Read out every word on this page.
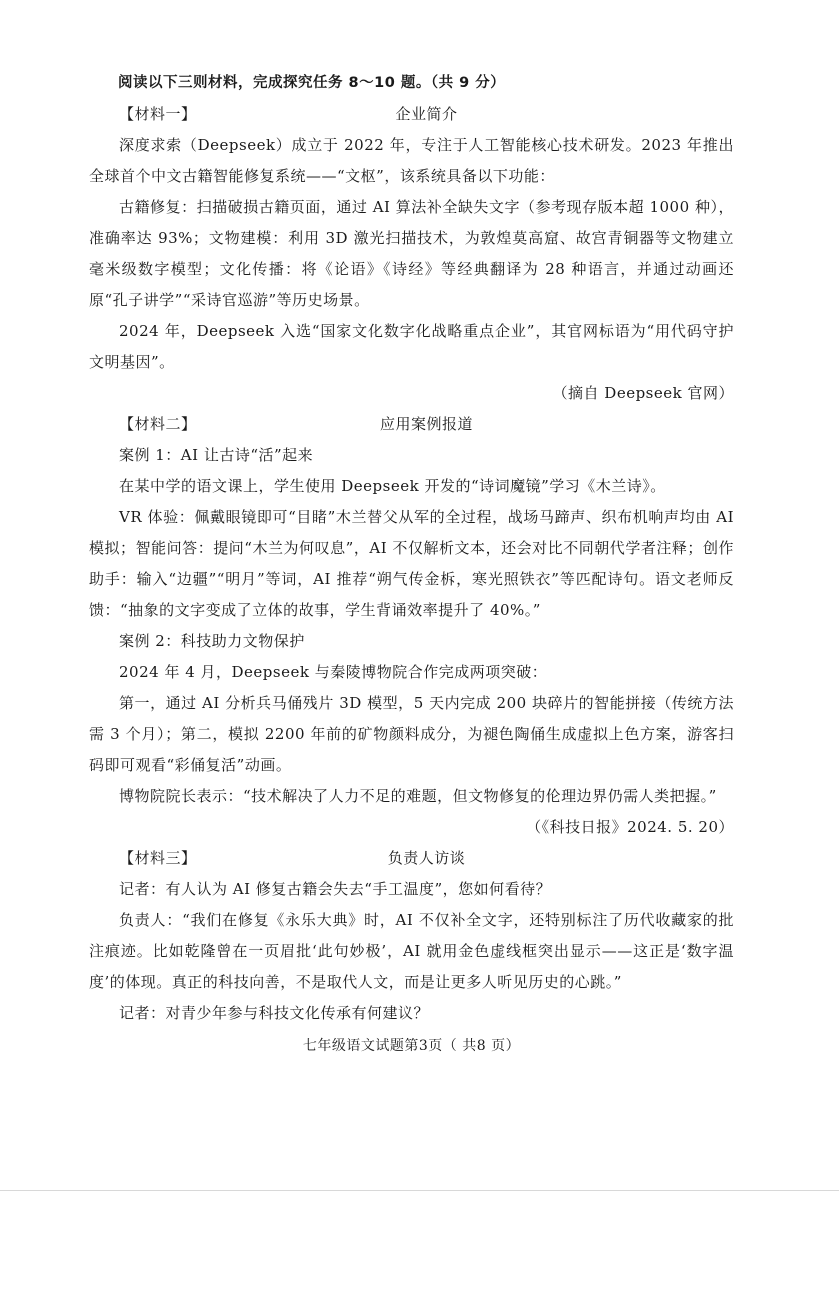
阅读以下三则材料，完成探究任务 8～10 题。（共 9 分）

企业简介
【材料一】

深度求索（Deepseek）成立于 2022 年，专注于人工智能核心技术研发。2023 年推出全球首个中文古籍智能修复系统——“文枢”，该系统具备以下功能：

古籍修复：扫描破损古籍页面，通过 AI 算法补全缺失文字（参考现存版本超 1000 种），准确率达 93%；文物建模：利用 3D 激光扫描技术，为敦煌莫高窟、故宫青铜器等文物建立毫米级数字模型；文化传播：将《论语》《诗经》等经典翻译为 28 种语言，并通过动画还原“孔子讲学”“采诗官巡游”等历史场景。

2024 年，Deepseek 入选“国家文化数字化战略重点企业”，其官网标语为“用代码守护文明基因”。

（摘自 Deepseek 官网）

应用案例报道
【材料二】

案例 1：AI 让古诗“活”起来

在某中学的语文课上，学生使用 Deepseek 开发的“诗词魔镜”学习《木兰诗》。

VR 体验：佩戴眼镜即可“目睹”木兰替父从军的全过程，战场马蹄声、织布机响声均由 AI 模拟；智能问答：提问“木兰为何叹息”，AI 不仅解析文本，还会对比不同朝代学者注释；创作助手：输入“边疆”“明月”等词，AI 推荐“朔气传金柝，寒光照铁衣”等匹配诗句。语文老师反馈：“抽象的文字变成了立体的故事，学生背诵效率提升了 40%。”

案例 2：科技助力文物保护

2024 年 4 月，Deepseek 与秦陵博物院合作完成两项突破：

第一，通过 AI 分析兵马俑残片 3D 模型，5 天内完成 200 块碎片的智能拼接（传统方法需 3 个月）；第二，模拟 2200 年前的矿物颜料成分，为褪色陶俑生成虚拟上色方案，游客扫码即可观看“彩俑复活”动画。

博物院院长表示：“技术解决了人力不足的难题，但文物修复的伦理边界仍需人类把握。”

（《科技日报》2024. 5. 20）

负责人访谈
【材料三】

记者：有人认为 AI 修复古籍会失去“手工温度”，您如何看待？

负责人：“我们在修复《永乐大典》时，AI 不仅补全文字，还特别标注了历代收藏家的批注痕迹。比如乾隆曾在一页眉批‘此句妙极’，AI 就用金色虚线框突出显示——这正是‘数字温度’的体现。真正的科技向善，不是取代人文，而是让更多人听见历史的心跳。”

记者：对青少年参与科技文化传承有何建议？

七年级语文试题第3页（ 共8 页）
